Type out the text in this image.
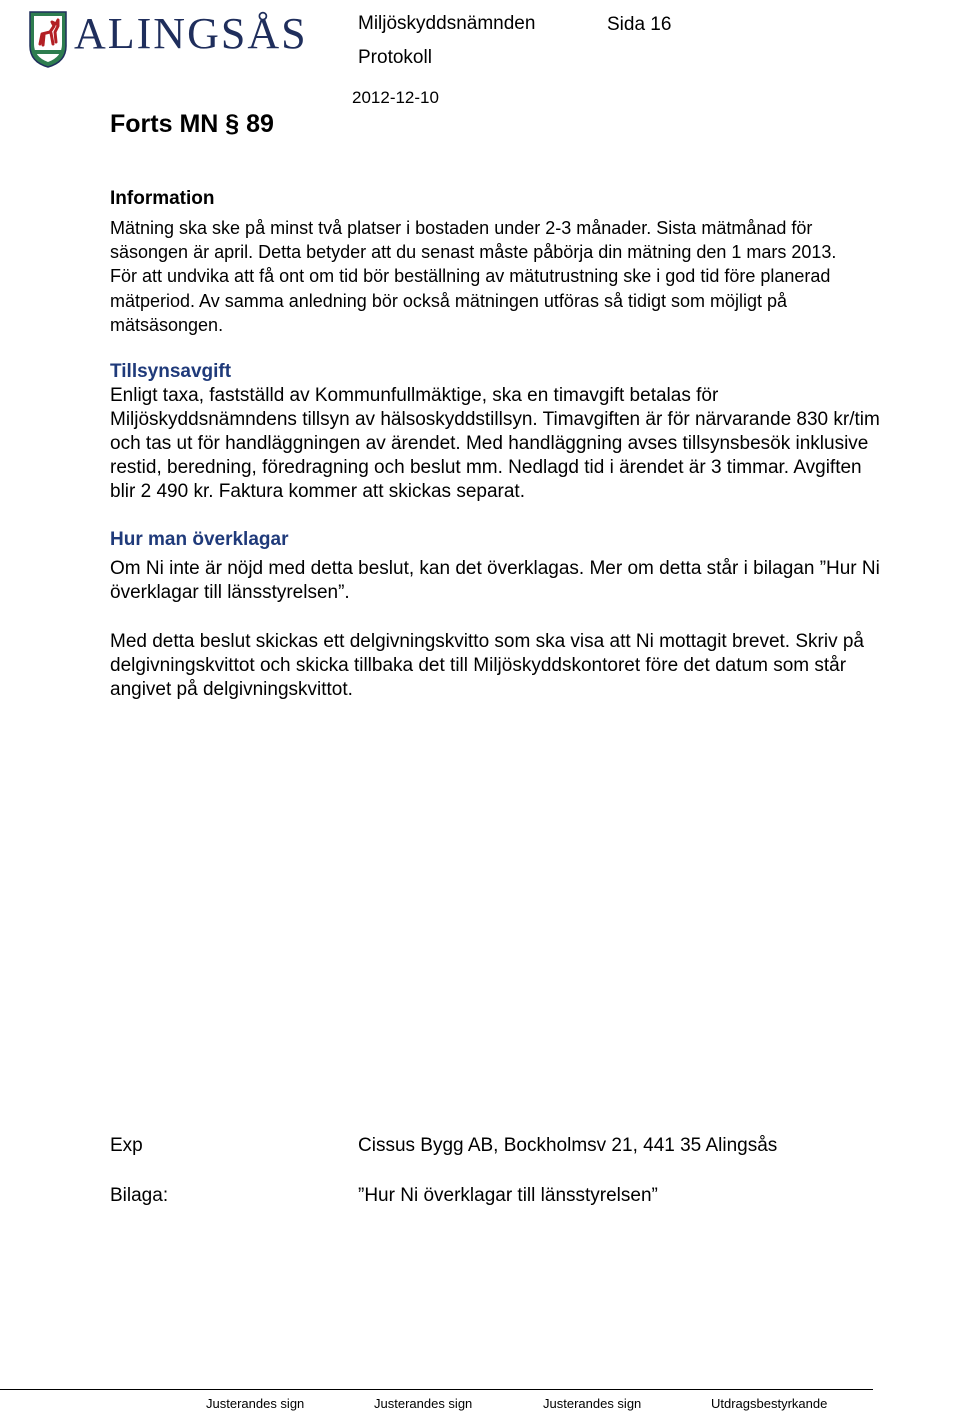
ALINGSÅS	Miljöskyddsnämnden	Sida 16
Protokoll
2012-12-10
Forts MN § 89
Information
Mätning ska ske på minst två platser i bostaden under 2-3 månader. Sista mätmånad för
säsongen är april. Detta betyder att du senast måste påbörja din mätning den 1 mars 2013.
För att undvika att få ont om tid bör beställning av mätutrustning ske i god tid före planerad
mätperiod. Av samma anledning bör också mätningen utföras så tidigt som möjligt på
mätsäsongen.
Tillsynsavgift
Enligt taxa, fastställd av Kommunfullmäktige, ska en timavgift betalas för
Miljöskyddsnämndens tillsyn av hälsoskyddstillsyn. Timavgiften är för närvarande 830 kr/tim
och tas ut för handläggningen av ärendet. Med handläggning avses tillsynsbesök inklusive
restid, beredning, föredragning och beslut mm. Nedlagd tid i ärendet är 3 timmar. Avgiften
blir 2 490 kr. Faktura kommer att skickas separat.
Hur man överklagar
Om Ni inte är nöjd med detta beslut, kan det överklagas. Mer om detta står i bilagan ”Hur Ni
överklagar till länsstyrelsen”.
Med detta beslut skickas ett delgivningskvitto som ska visa att Ni mottagit brevet. Skriv på
delgivningskvittot och skicka tillbaka det till Miljöskyddskontoret före det datum som står
angivet på delgivningskvittot.
Exp	Cissus Bygg AB, Bockholmsv 21, 441 35 Alingsås
Bilaga:	”Hur Ni överklagar till länsstyrelsen”
Justerandes sign	Justerandes sign	Justerandes sign	Utdragsbestyrkande
